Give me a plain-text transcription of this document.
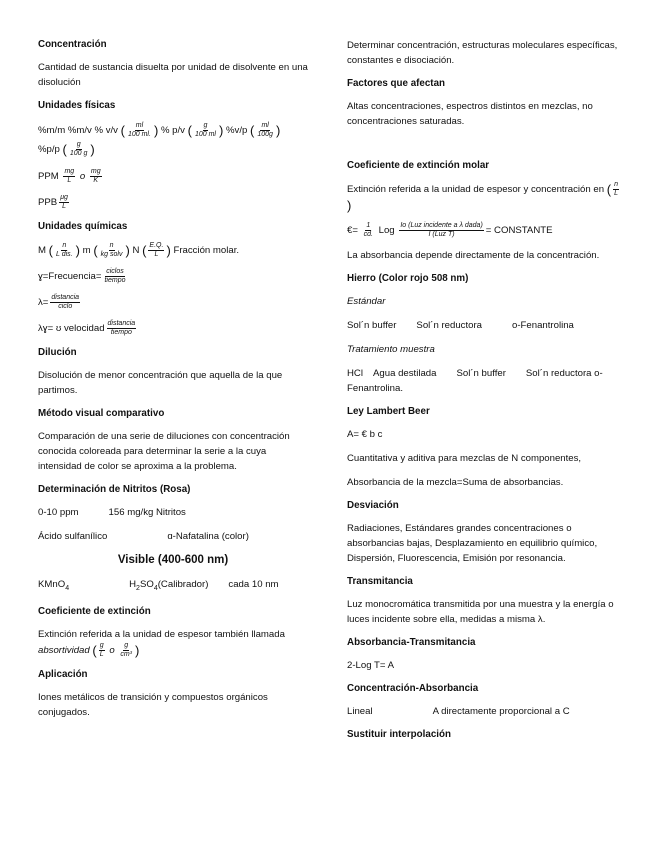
Concentración
Cantidad de sustancia disuelta por unidad de disolvente en una disolución
Unidades físicas
%m/m %m/v % v/v ( $\frac{ml}{100 ml.}$ ) % p/v ( $\frac{g}{100 ml}$ ) %v/p ( $\frac{ml}{100g}$ )
%p/p ( $\frac{g}{100 g}$ )
PPM $\frac{mg}{L}$ o $\frac{mg}{K}$
PPB $\frac{\mu g}{L}$
Unidades químicas
M ( $\frac{n}{\text{L dis.}}$ ) m ( $\frac{n}{\text{kg solv}}$ ) N ( $\frac{E.Q.}{L}$ ) Fracción molar.
ɣ=Frecuencia= $\frac{\text{ciclos}}{\text{tiempo}}$
$\lambda= \frac{\text{distancia}}{\text{ciclo}}$
λɣ= ʊ velocidad $\frac{\text{distancia}}{\text{tiempo}}$
Dilución
Disolución de menor concentración que aquella de la que partimos.
Método visual comparativo
Comparación de una serie de diluciones con concentración conocida coloreada para determinar la serie a la cuya intensidad de color se aproxima a la problema.
Determinación de Nitritos (Rosa)
0-10 ppm	156 mg/kg Nitritos
Ácido sulfanílico	ɑ-Nafatalina (color)
Visible (400-600 nm)
KMnO$_4$	$H_2SO_4(Calibrador)$ cada 10 nm
Coeficiente de extinción
Extinción referida a la unidad de espesor también llamada absortividad ( $\frac{g}{L}$ o $\frac{g}{\text{cm³}}$ )
Aplicación
Iones metálicos de transición y compuestos orgánicos conjugados.
Determinar concentración, estructuras moleculares específicas, constantes e disociación.
Factores que afectan
Altas concentraciones, espectros distintos en mezclas, no concentraciones saturadas.
Coeficiente de extinción molar
Extinción referida a la unidad de espesor y concentración en ( $\frac{n}{L}$
)
€= $\frac{1}{cd.}$ Log $\frac{\text{Io (Luz incidente a λ dada)}}{\text{I (Luz T)}}$ = CONSTANTE
La absorbancia depende directamente de la concentración.
Hierro (Color rojo 508 nm)
Estándar
Sol´n buffer Sol´n reductora	o-Fenantrolina
Tratamiento muestra
HCl Agua destilada Sol´n buffer Sol´n reductora o-Fenantrolina.
Ley Lambert Beer
A= € b c
Cuantitativa y aditiva para mezclas de N componentes,
Absorbancia de la mezcla=Suma de absorbancias.
Desviación
Radiaciones, Estándares grandes concentraciones o absorbancias bajas, Desplazamiento en equilibrio químico, Dispersión, Fluorescencia, Emisión por resonancia.
Transmitancia
Luz monocromática transmitida por una muestra y la energía o luces incidente sobre ella, medidas a misma λ.
Absorbancia-Transmitancia
2-Log T= A
Concentración-Absorbancia
Lineal	A directamente proporcional a C
Sustituir interpolación
